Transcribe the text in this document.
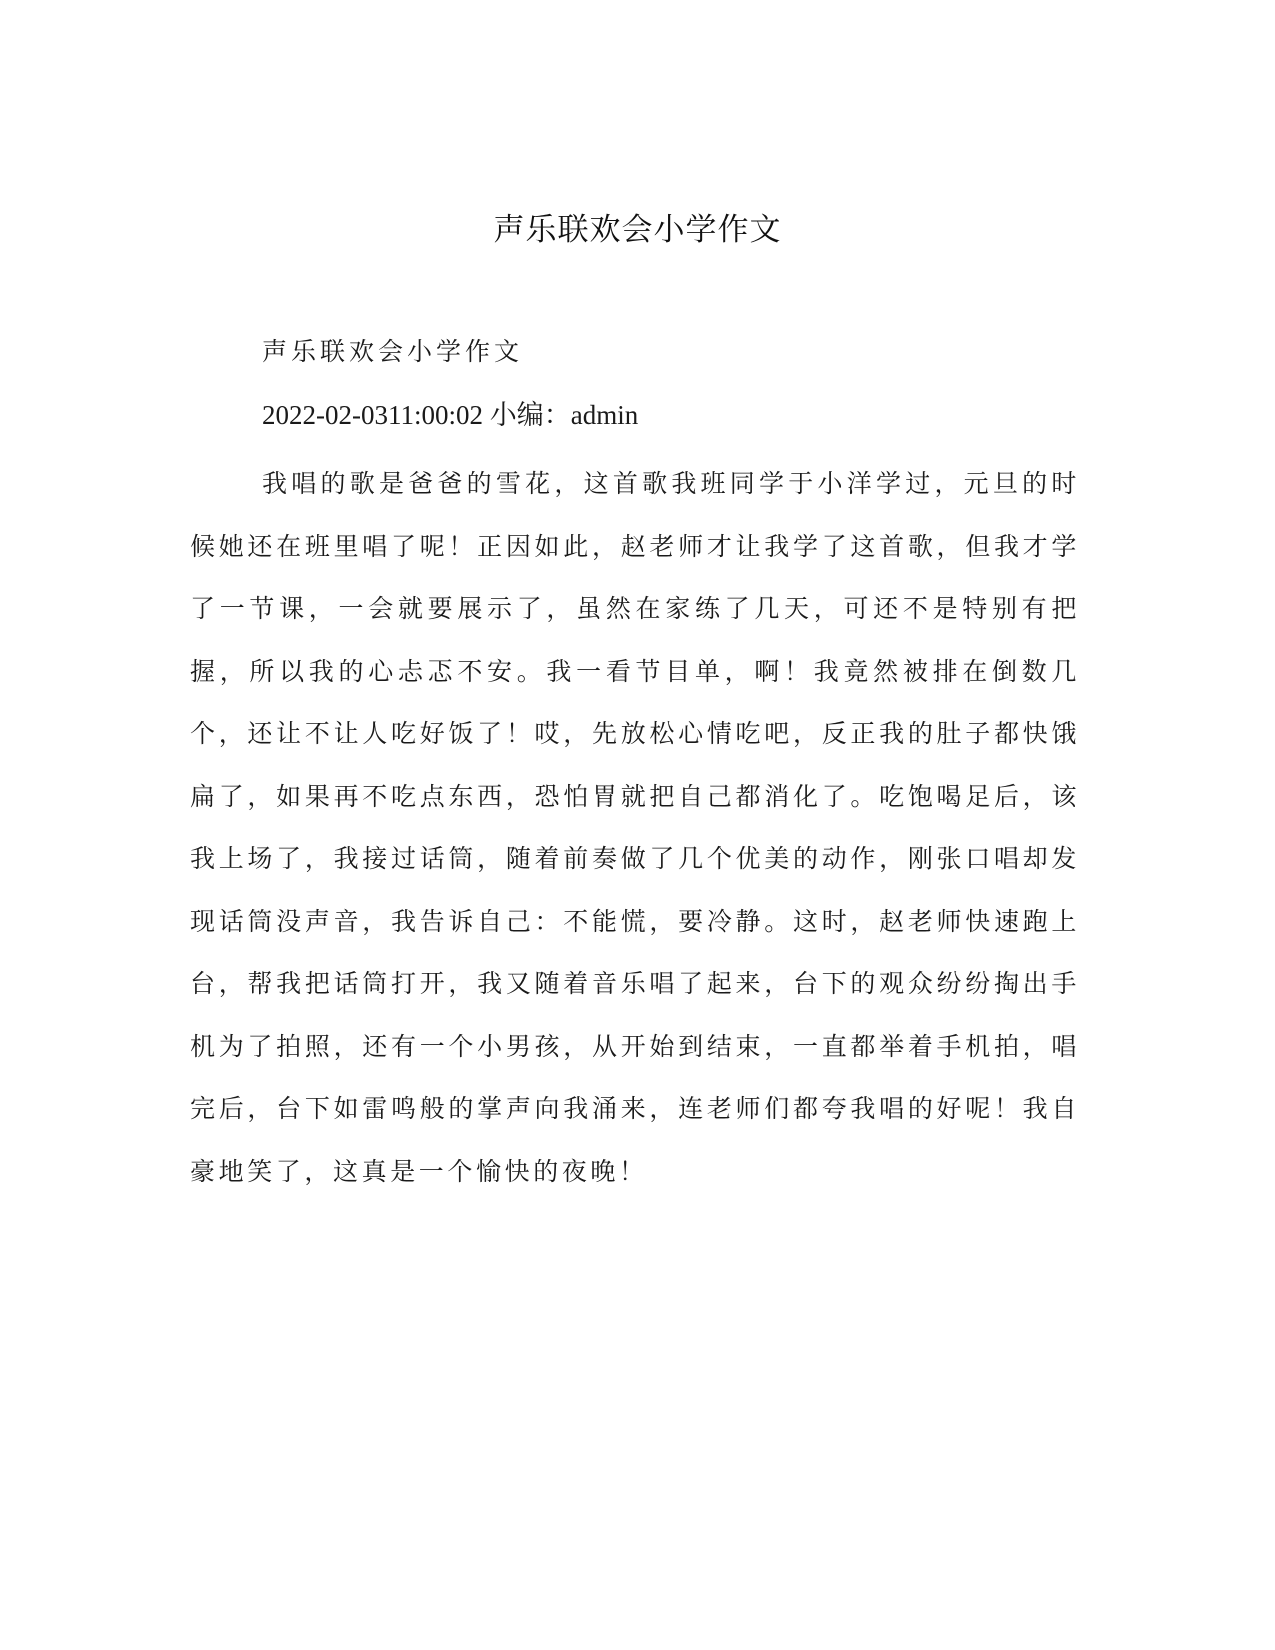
声乐联欢会小学作文
声乐联欢会小学作文
2022-02-0311:00:02 小编：admin

我唱的歌是爸爸的雪花，这首歌我班同学于小洋学过，元旦的时候她还在班里唱了呢！正因如此，赵老师才让我学了这首歌，但我才学了一节课，一会就要展示了，虽然在家练了几天，可还不是特别有把握，所以我的心忐忑不安。我一看节目单，啊！我竟然被排在倒数几个，还让不让人吃好饭了！哎，先放松心情吃吧，反正我的肚子都快饿扁了，如果再不吃点东西，恐怕胃就把自己都消化了。吃饱喝足后，该我上场了，我接过话筒，随着前奏做了几个优美的动作，刚张口唱却发现话筒没声音，我告诉自己：不能慌，要冷静。这时，赵老师快速跑上台，帮我把话筒打开，我又随着音乐唱了起来，台下的观众纷纷掏出手机为了拍照，还有一个小男孩，从开始到结束，一直都举着手机拍，唱完后，台下如雷鸣般的掌声向我涌来，连老师们都夸我唱的好呢！我自豪地笑了，这真是一个愉快的夜晚！
